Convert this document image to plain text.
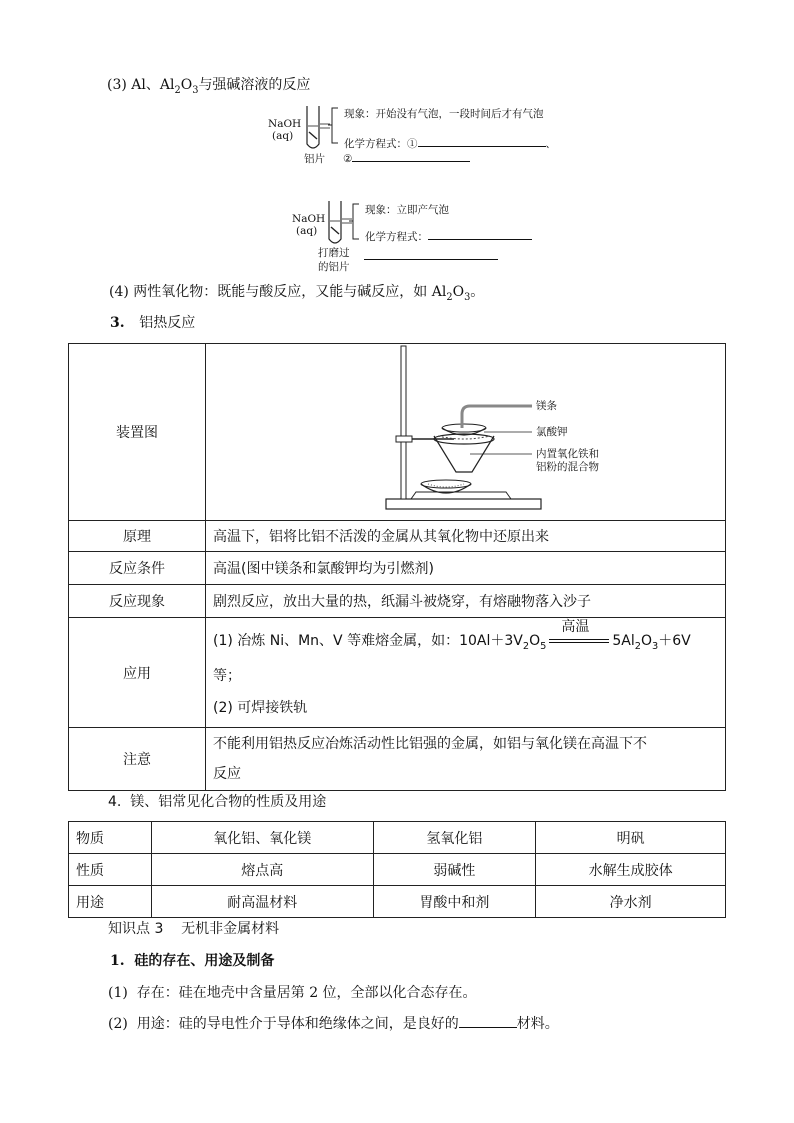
(3) Al、$Al_2O_3$与强碱溶液的反应
NaOH
(aq)
现象：开始没有气泡，一段时间后才有气泡
化学方程式：①	、
铝片 ②
NaOH
(aq)
现象：立即产气泡
化学方程式：
打磨过
的铝片
(4) 两性氧化物：既能与酸反应，又能与碱反应，如 $Al_2O_3$。
3. 铝热反应
装置图	镁条
氯酸钾
内置氧化铁和
铝粉的混合物

原理	高温下，铝将比铝不活泼的金属从其氧化物中还原出来
反应条件	高温(图中镁条和氯酸钾均为引燃剂)
反应现象	剧烈反应，放出大量的热，纸漏斗被烧穿，有熔融物落入沙子
应用	(1) 冶炼 Ni、Mn、V 等难熔金属，如：$10Al+3V_2O_5$
高温
$5Al_2O_3+6V$
等；
(2) 可焊接铁轨

注意	不能利用铝热反应冶炼活动性比铝强的金属，如铝与氧化镁在高温下不
反应
4. 镁、铝常见化合物的性质及用途
物质	氧化铝、氧化镁	氢氧化铝	明矾
性质	熔点高	弱碱性	水解生成胶体
用途	耐高温材料	胃酸中和剂	净水剂
知识点 3    无机非金属材料
1. 硅的存在、用途及制备
(1) 存在：硅在地壳中含量居第 2 位，全部以化合态存在。
(2) 用途：硅的导电性介于导体和绝缘体之间，是良好的	材料。
